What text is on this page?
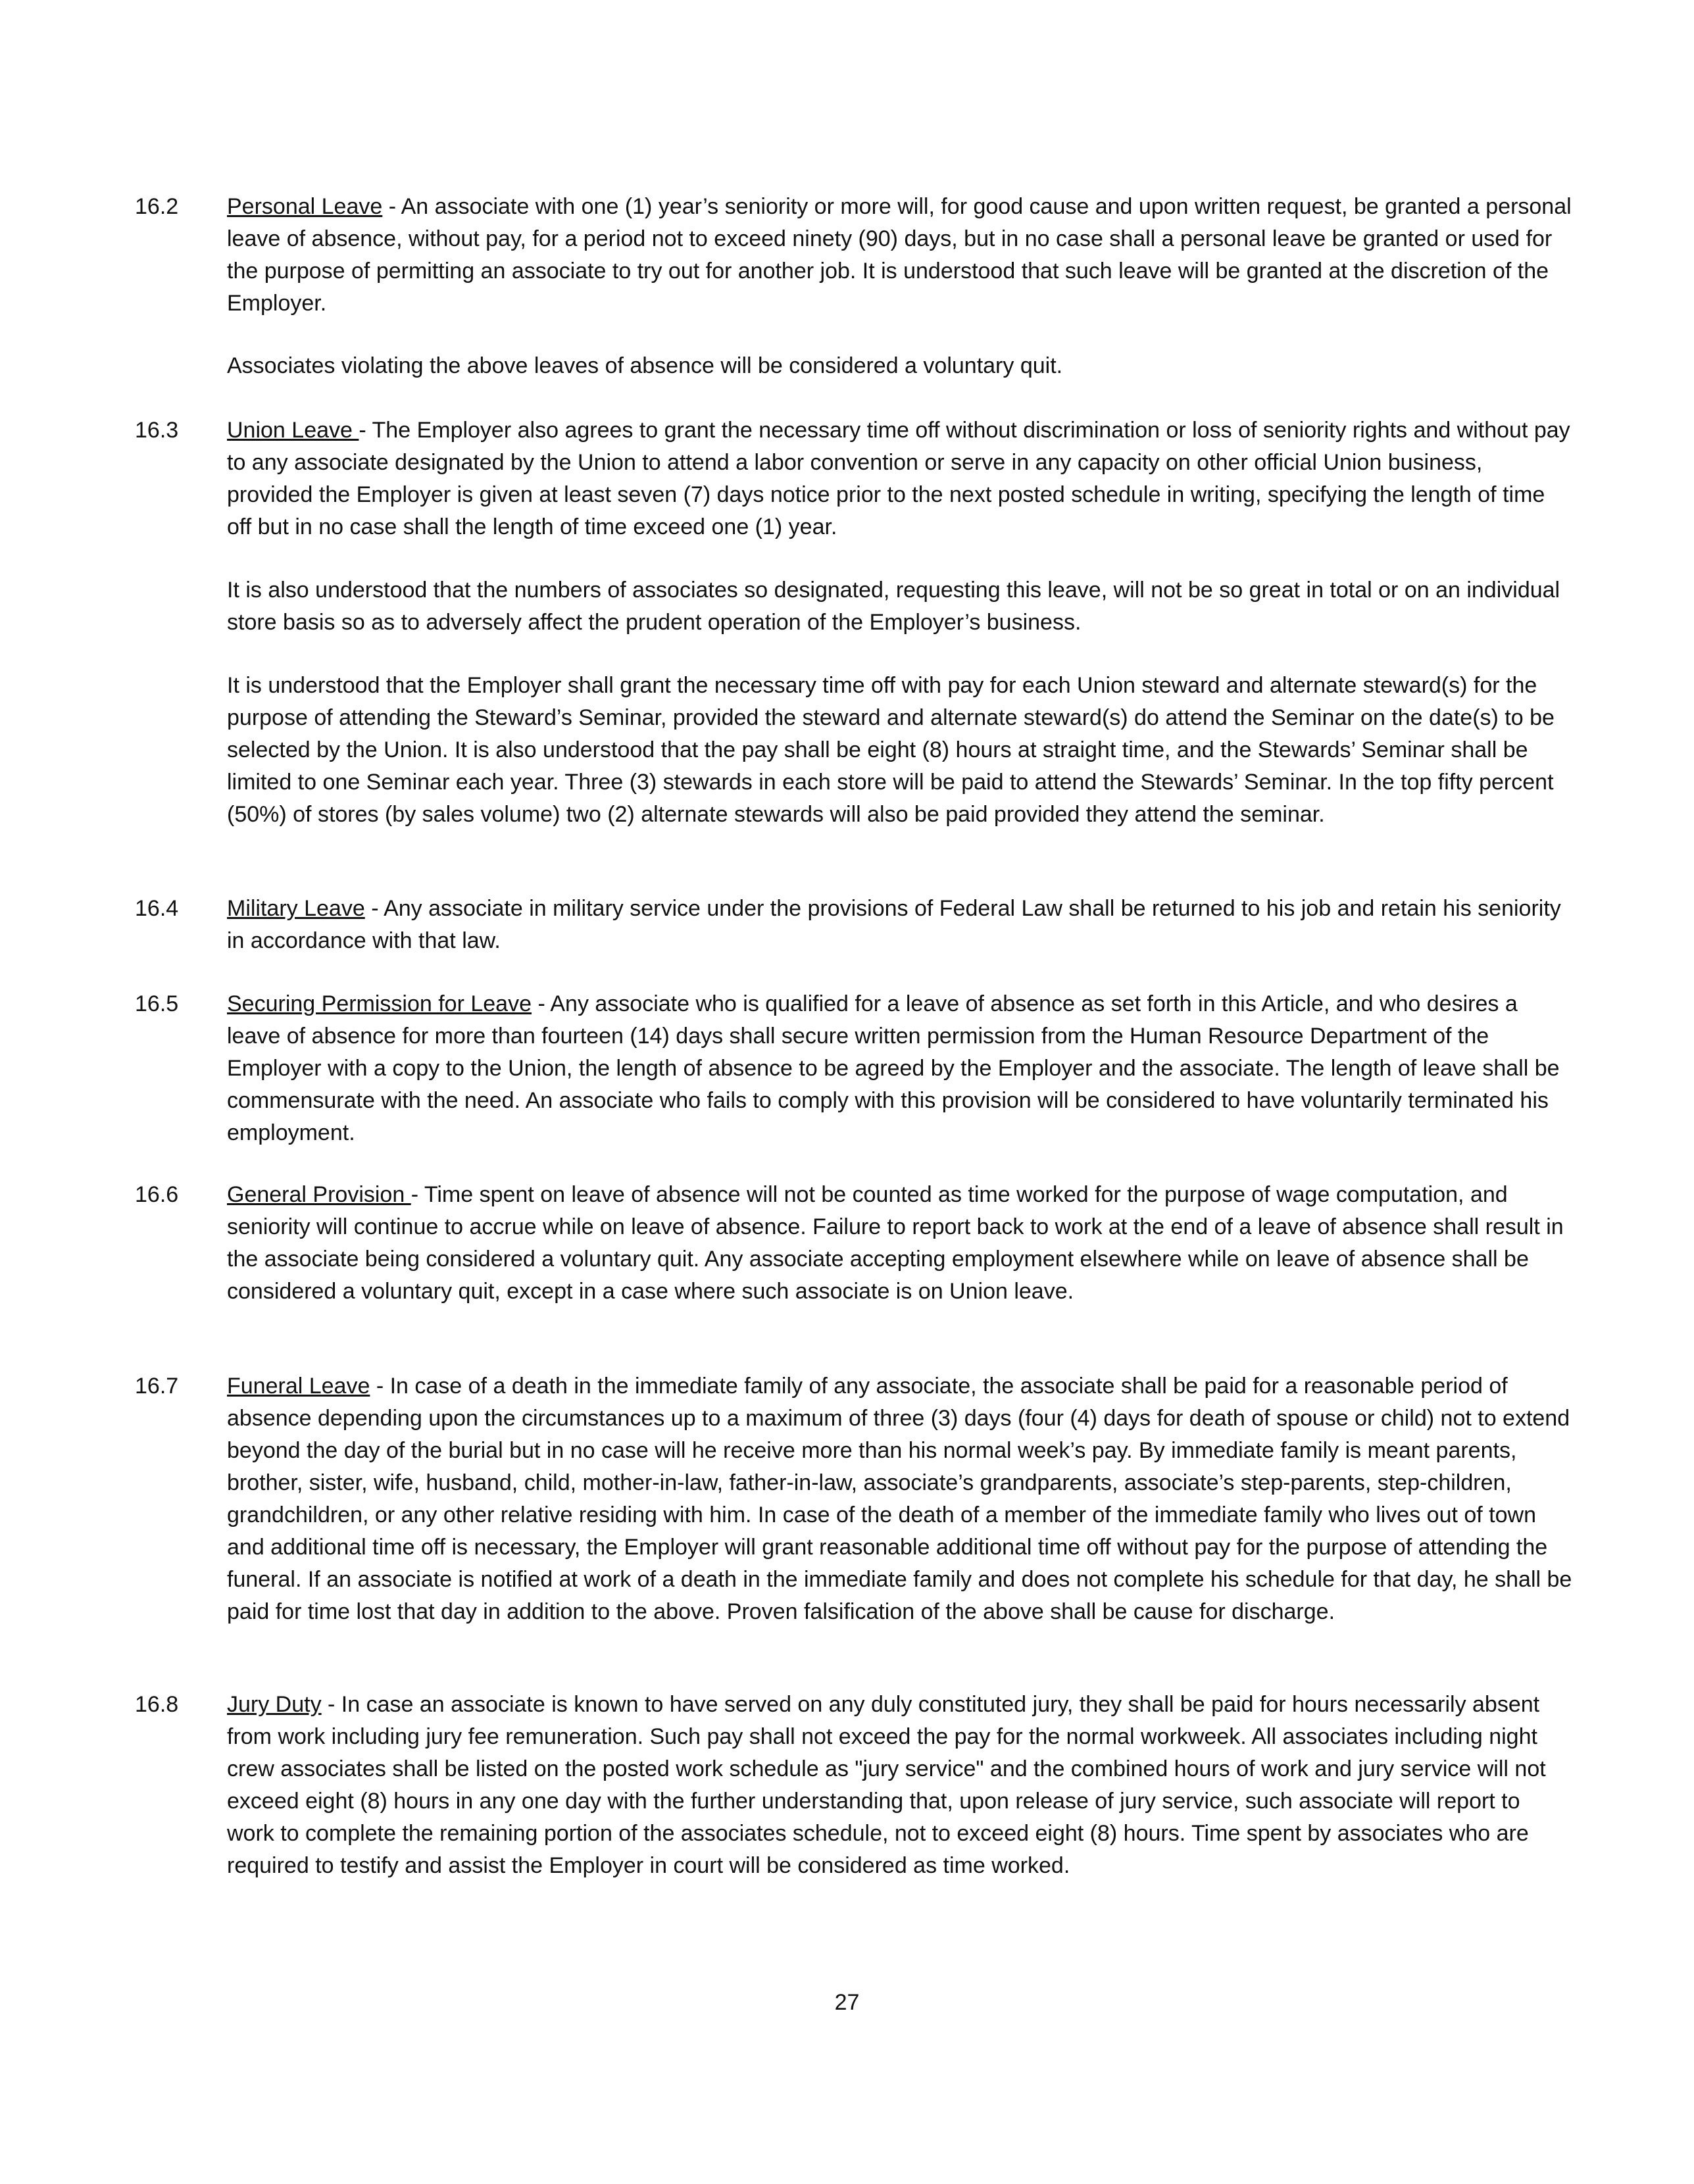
16.2	Personal Leave - An associate with one (1) year’s seniority or more will, for good cause and upon written request, be granted a personal leave of absence, without pay, for a period not to exceed ninety (90) days, but in no case shall a personal leave be granted or used for the purpose of permitting an associate to try out for another job. It is understood that such leave will be granted at the discretion of the Employer.

Associates violating the above leaves of absence will be considered a voluntary quit.

16.3	Union Leave - The Employer also agrees to grant the necessary time off without discrimination or loss of seniority rights and without pay to any associate designated by the Union to attend a labor convention or serve in any capacity on other official Union business, provided the Employer is given at least seven (7) days notice prior to the next posted schedule in writing, specifying the length of time off but in no case shall the length of time exceed one (1) year.

It is also understood that the numbers of associates so designated, requesting this leave, will not be so great in total or on an individual store basis so as to adversely affect the prudent operation of the Employer’s business.

It is understood that the Employer shall grant the necessary time off with pay for each Union steward and alternate steward(s) for the purpose of attending the Steward’s Seminar, provided the steward and alternate steward(s) do attend the Seminar on the date(s) to be selected by the Union. It is also understood that the pay shall be eight (8) hours at straight time, and the Stewards’ Seminar shall be limited to one Seminar each year. Three (3) stewards in each store will be paid to attend the Stewards’ Seminar. In the top fifty percent (50%) of stores (by sales volume) two (2) alternate stewards will also be paid provided they attend the seminar.

16.4	Military Leave - Any associate in military service under the provisions of Federal Law shall be returned to his job and retain his seniority in accordance with that law.

16.5	Securing Permission for Leave - Any associate who is qualified for a leave of absence as set forth in this Article, and who desires a leave of absence for more than fourteen (14) days shall secure written permission from the Human Resource Department of the Employer with a copy to the Union, the length of absence to be agreed by the Employer and the associate. The length of leave shall be commensurate with the need. An associate who fails to comply with this provision will be considered to have voluntarily terminated his employment.

16.6	General Provision - Time spent on leave of absence will not be counted as time worked for the purpose of wage computation, and seniority will continue to accrue while on leave of absence. Failure to report back to work at the end of a leave of absence shall result in the associate being considered a voluntary quit. Any associate accepting employment elsewhere while on leave of absence shall be considered a voluntary quit, except in a case where such associate is on Union leave.

16.7	Funeral Leave - In case of a death in the immediate family of any associate, the associate shall be paid for a reasonable period of absence depending upon the circumstances up to a maximum of three (3) days (four (4) days for death of spouse or child) not to extend beyond the day of the burial but in no case will he receive more than his normal week’s pay. By immediate family is meant parents, brother, sister, wife, husband, child, mother-in-law, father-in-law, associate’s grandparents, associate’s step-parents, step-children, grandchildren, or any other relative residing with him. In case of the death of a member of the immediate family who lives out of town and additional time off is necessary, the Employer will grant reasonable additional time off without pay for the purpose of attending the funeral. If an associate is notified at work of a death in the immediate family and does not complete his schedule for that day, he shall be paid for time lost that day in addition to the above. Proven falsification of the above shall be cause for discharge.

16.8	Jury Duty - In case an associate is known to have served on any duly constituted jury, they shall be paid for hours necessarily absent from work including jury fee remuneration. Such pay shall not exceed the pay for the normal workweek. All associates including night crew associates shall be listed on the posted work schedule as "jury service" and the combined hours of work and jury service will not exceed eight (8) hours in any one day with the further understanding that, upon release of jury service, such associate will report to work to complete the remaining portion of the associates schedule, not to exceed eight (8) hours. Time spent by associates who are required to testify and assist the Employer in court will be considered as time worked.

27
